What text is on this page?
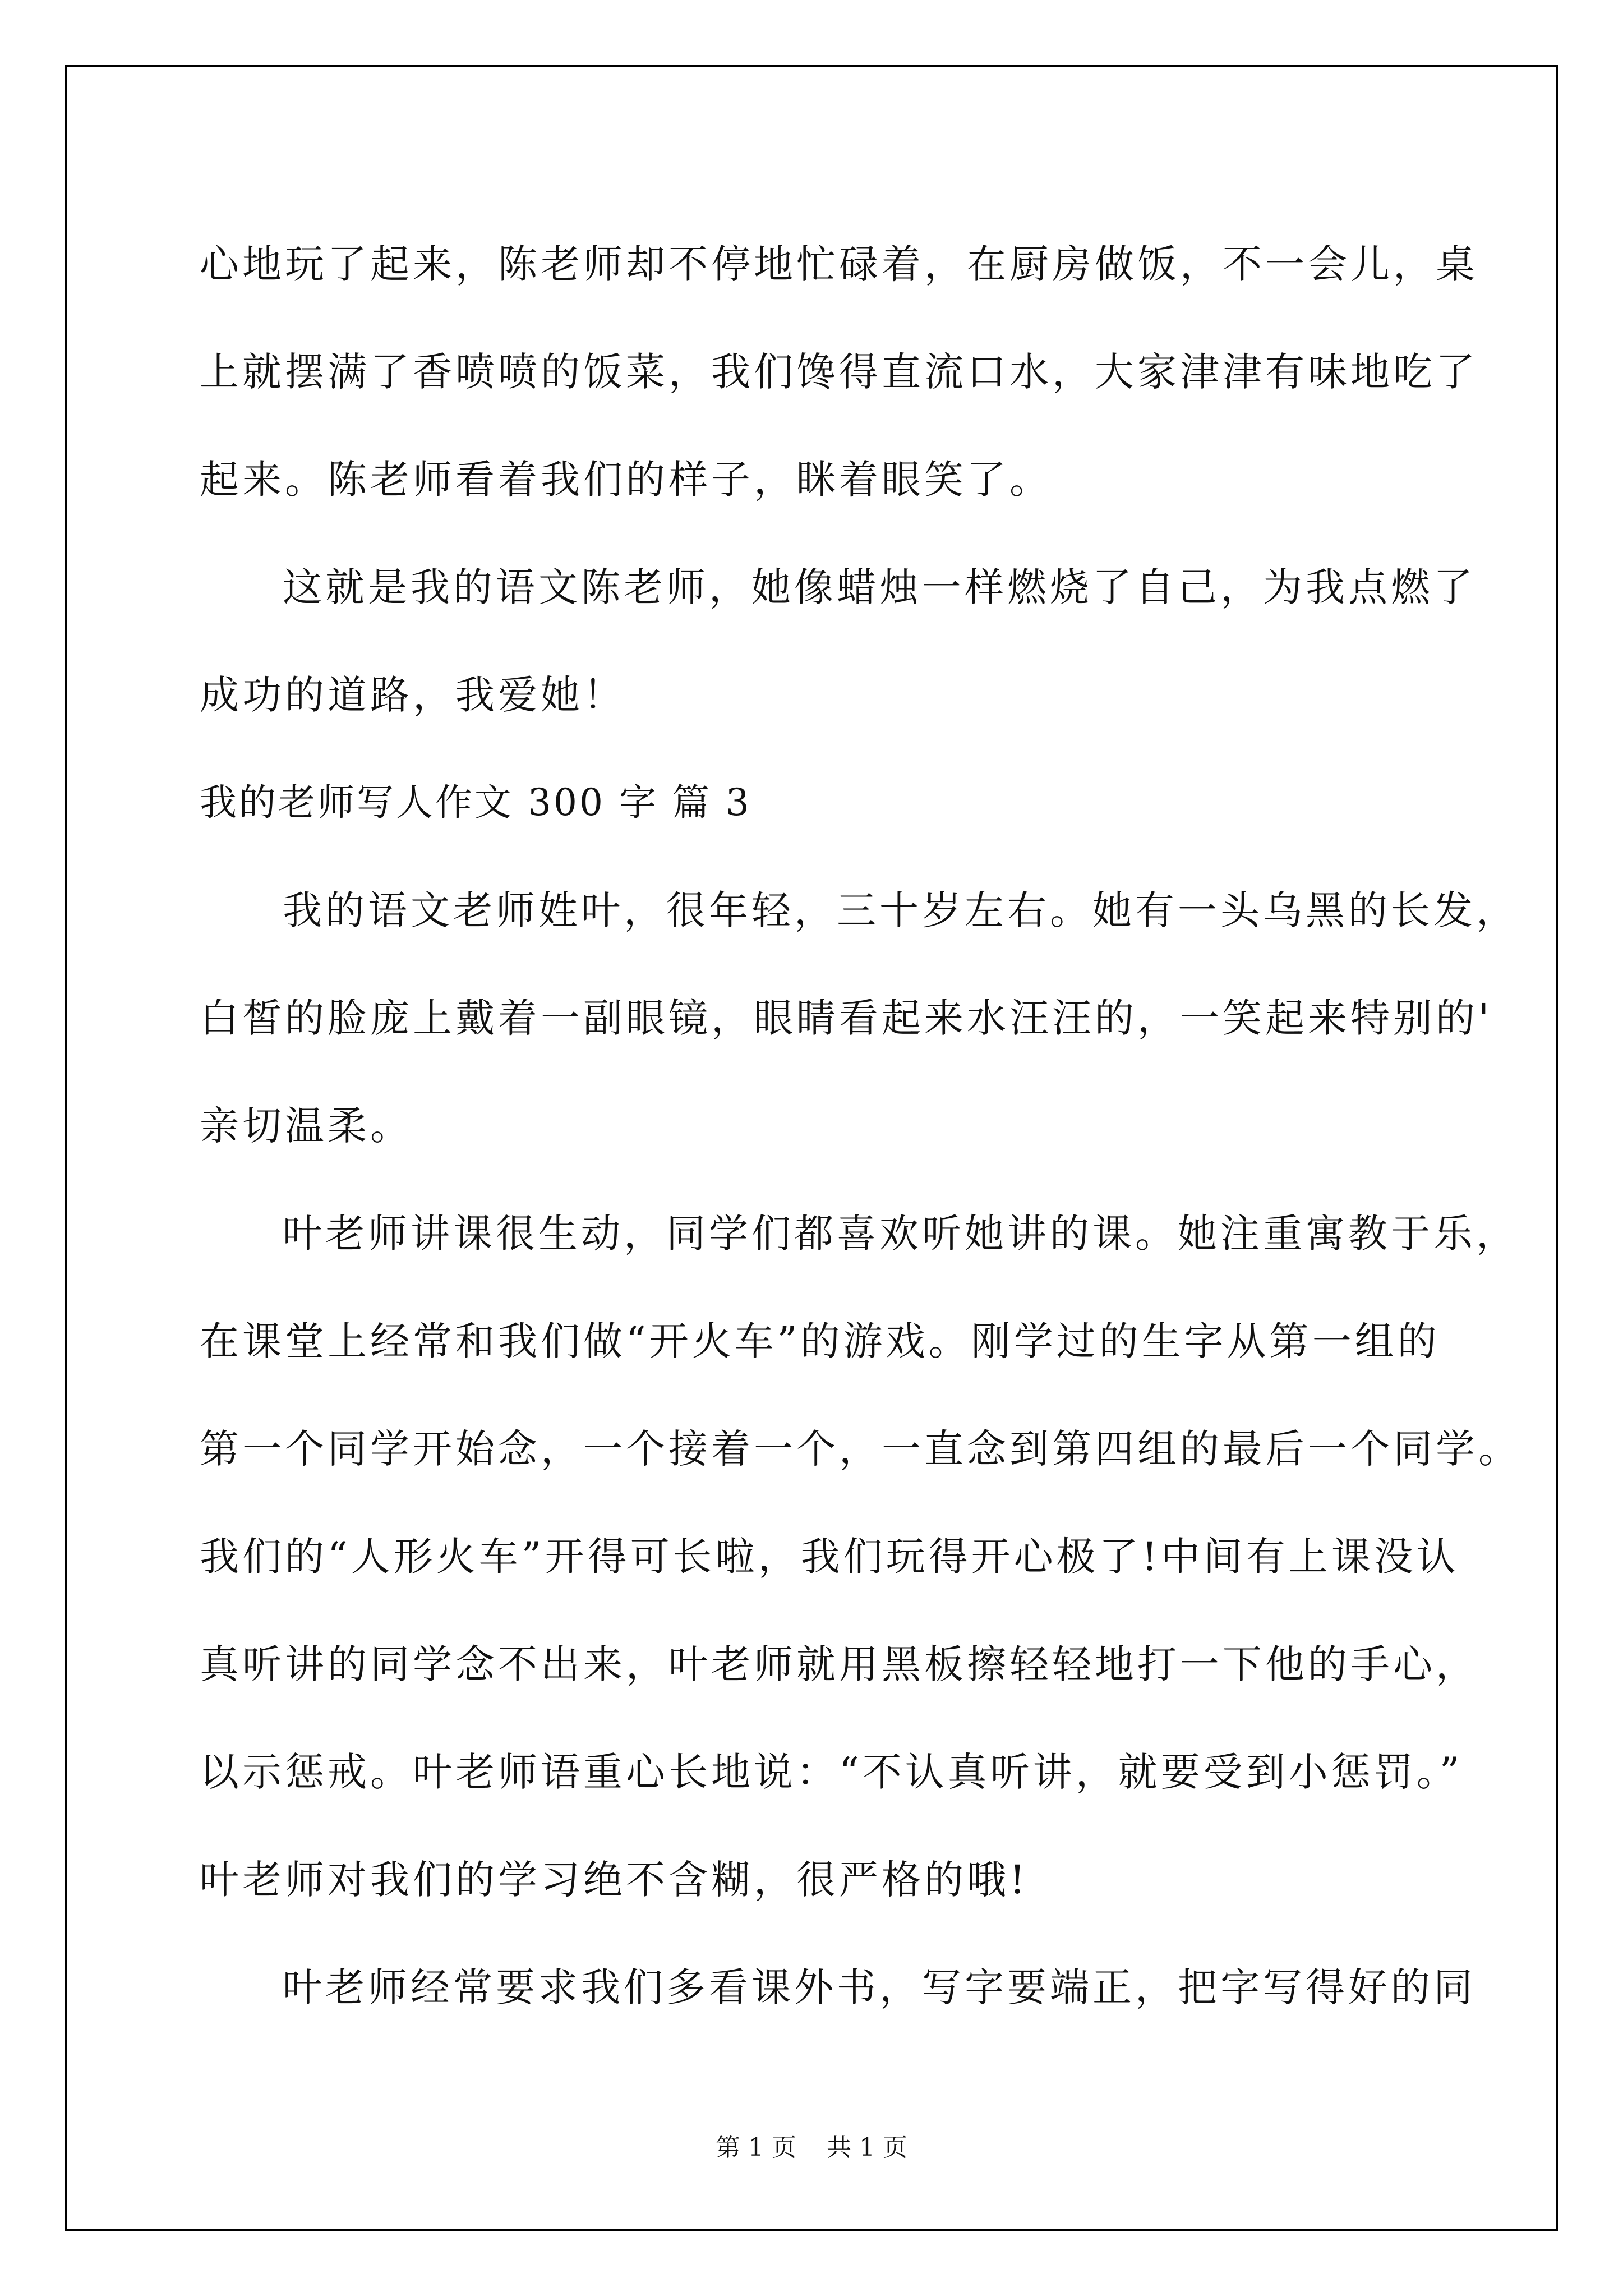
心地玩了起来，陈老师却不停地忙碌着，在厨房做饭，不一会儿，桌
上就摆满了香喷喷的饭菜，我们馋得直流口水，大家津津有味地吃了
起来。陈老师看着我们的样子，眯着眼笑了。
这就是我的语文陈老师，她像蜡烛一样燃烧了自己，为我点燃了
成功的道路，我爱她！
我的老师写人作文 300 字 篇 3
我的语文老师姓叶，很年轻，三十岁左右。她有一头乌黑的长发，
白皙的脸庞上戴着一副眼镜，眼睛看起来水汪汪的，一笑起来特别的'
亲切温柔。
叶老师讲课很生动，同学们都喜欢听她讲的课。她注重寓教于乐，
在课堂上经常和我们做“开火车”的游戏。刚学过的生字从第一组的
第一个同学开始念，一个接着一个，一直念到第四组的最后一个同学。
我们的“人形火车”开得可长啦，我们玩得开心极了!中间有上课没认
真听讲的同学念不出来，叶老师就用黑板擦轻轻地打一下他的手心，
以示惩戒。叶老师语重心长地说：“不认真听讲，就要受到小惩罚。”
叶老师对我们的学习绝不含糊，很严格的哦!
叶老师经常要求我们多看课外书，写字要端正，把字写得好的同
第 1 页 共 1 页
